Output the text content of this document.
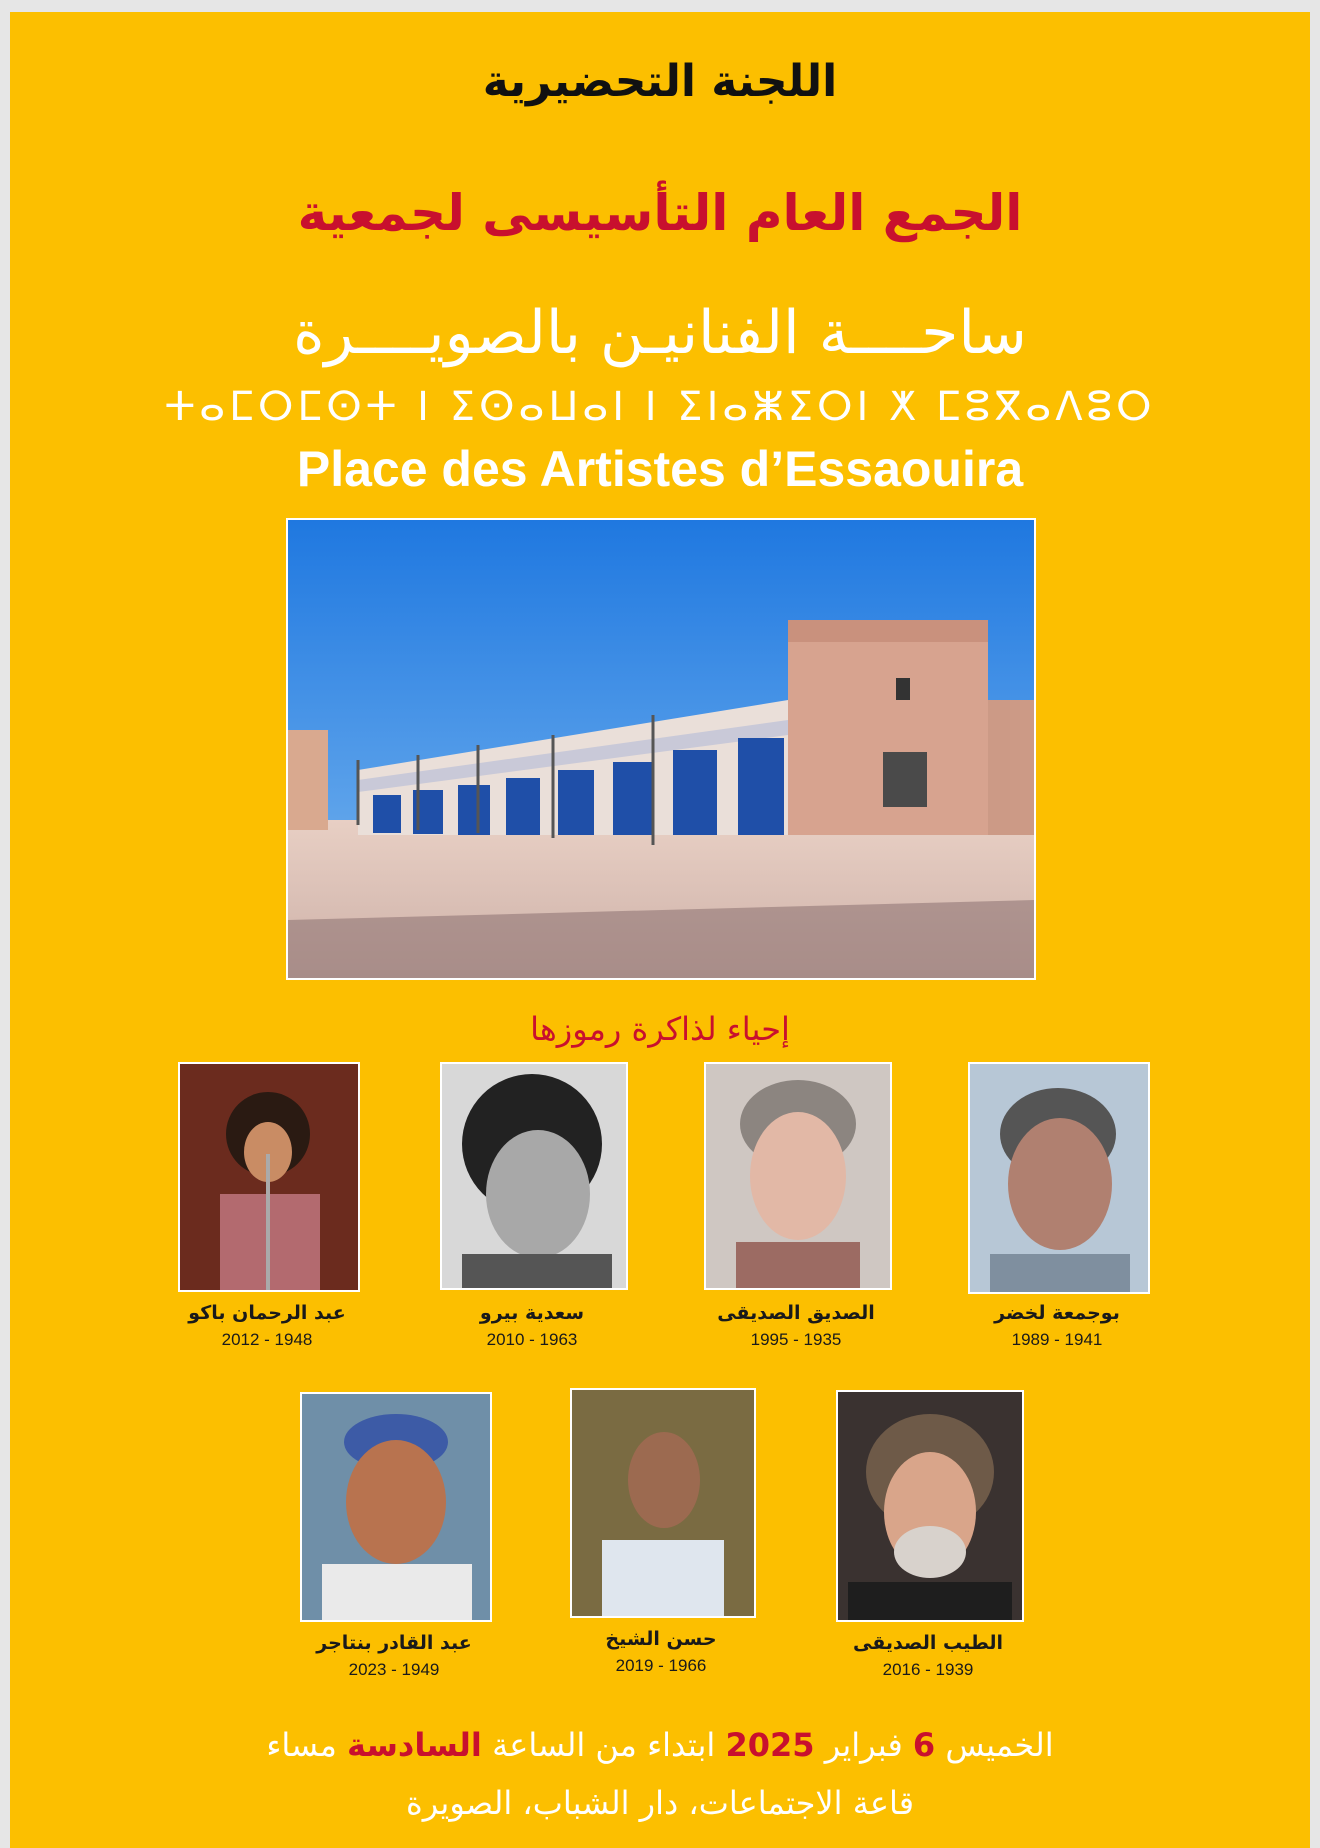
اللجنة التحضيرية
الجمع العام التأسيسى لجمعية
ساحــــة الفنانيـن بالصويــــرة
ⵜⴰⵎⵔⵎⵙⵜ ⵏ ⵉⵙⴰⵡⴰⵏ ⵏ ⵉⵏⴰⵥⵉⵔⵏ ⵅ ⵎⵓⴳⴰⴷⵓⵔ
Place des Artistes d’Essaouira
إحياء لذاكرة رموزها
عبد الرحمان باكو
2012 - 1948
سعدية بيرو
2010 - 1963
الصديق الصديقى
1995 - 1935
بوجمعة لخضر
1989 - 1941
عبد القادر بنتاجر
2023 - 1949
حسن الشيخ
2019 - 1966
الطيب الصديقى
2016 - 1939
الخميس 6 فبراير 2025 ابتداء من الساعة السادسة مساء
قاعة الاجتماعات، دار الشباب، الصويرة
